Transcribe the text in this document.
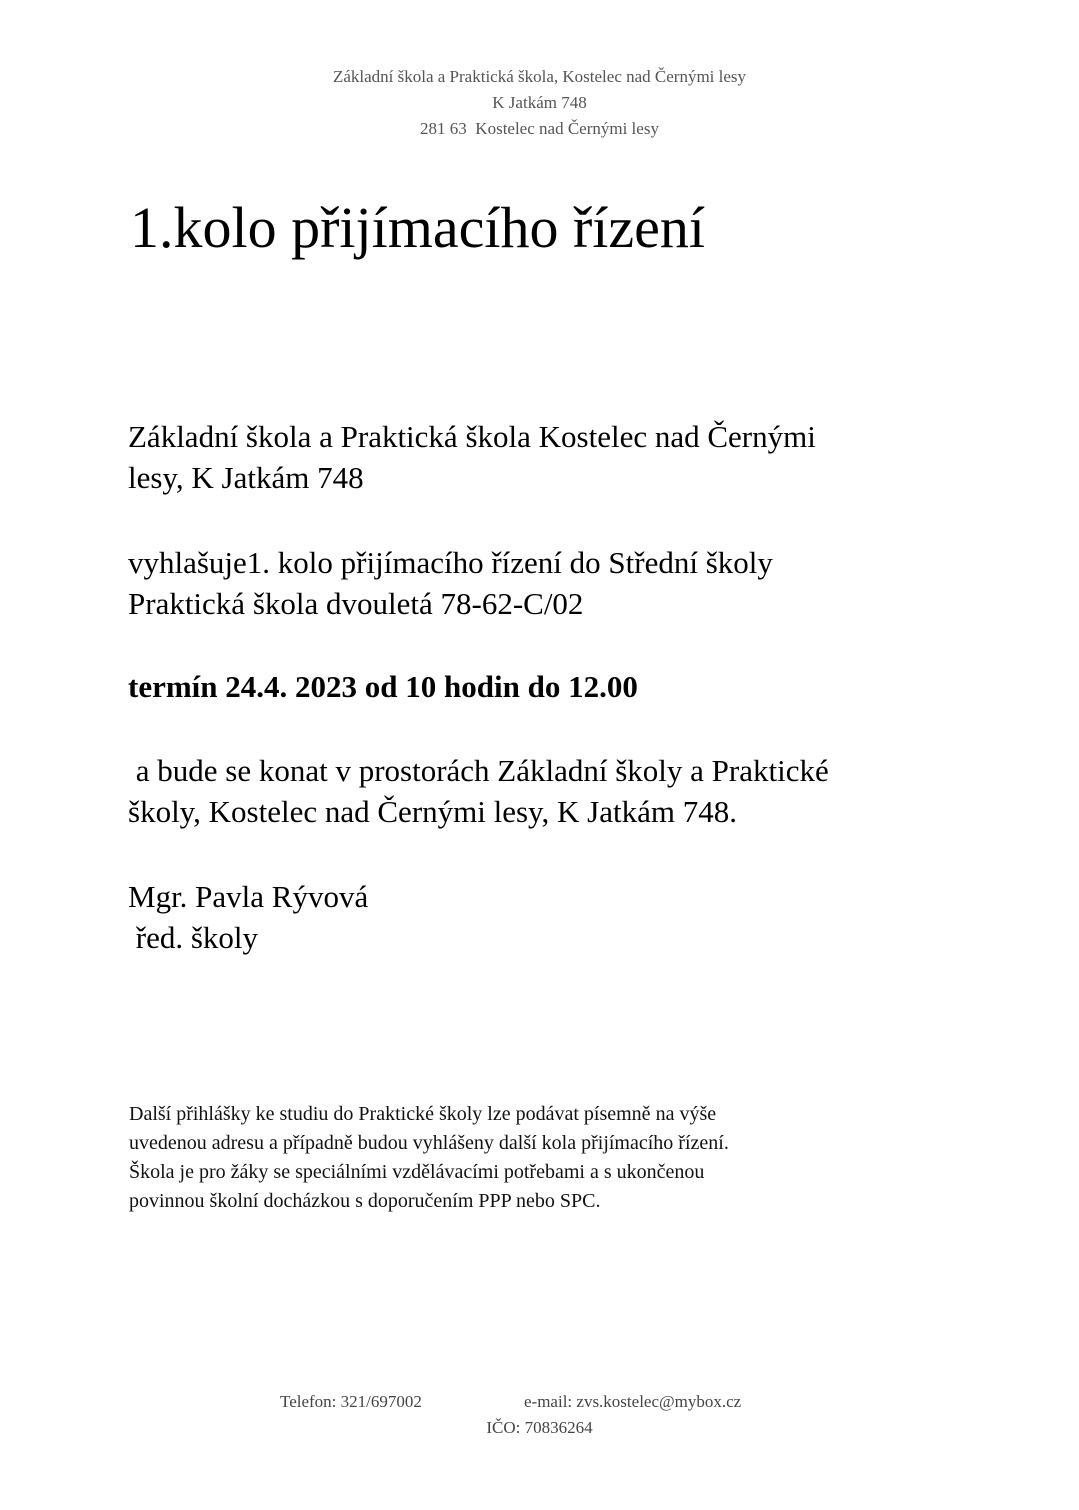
Základní škola a Praktická škola, Kostelec nad Černými lesy
K Jatkám 748
281 63  Kostelec nad Černými lesy
1.kolo přijímacího řízení

Základní škola a Praktická škola Kostelec nad Černými
lesy, K Jatkám 748

vyhlašuje1. kolo přijímacího řízení do Střední školy
Praktická škola dvouletá 78-62-C/02

termín 24.4. 2023 od 10 hodin do 12.00

a bude se konat v prostorách Základní školy a Praktické
školy, Kostelec nad Černými lesy, K Jatkám 748.

Mgr. Pavla Rývová
řed. školy

Další přihlášky ke studiu do Praktické školy lze podávat písemně na výše
uvedenou adresu a případně budou vyhlášeny další kola přijímacího řízení.
Škola je pro žáky se speciálními vzdělávacími potřebami a s ukončenou
povinnou školní docházkou s doporučením PPP nebo SPC.
Telefon: 321/697002	e-mail: zvs.kostelec@mybox.cz
IČO: 70836264
